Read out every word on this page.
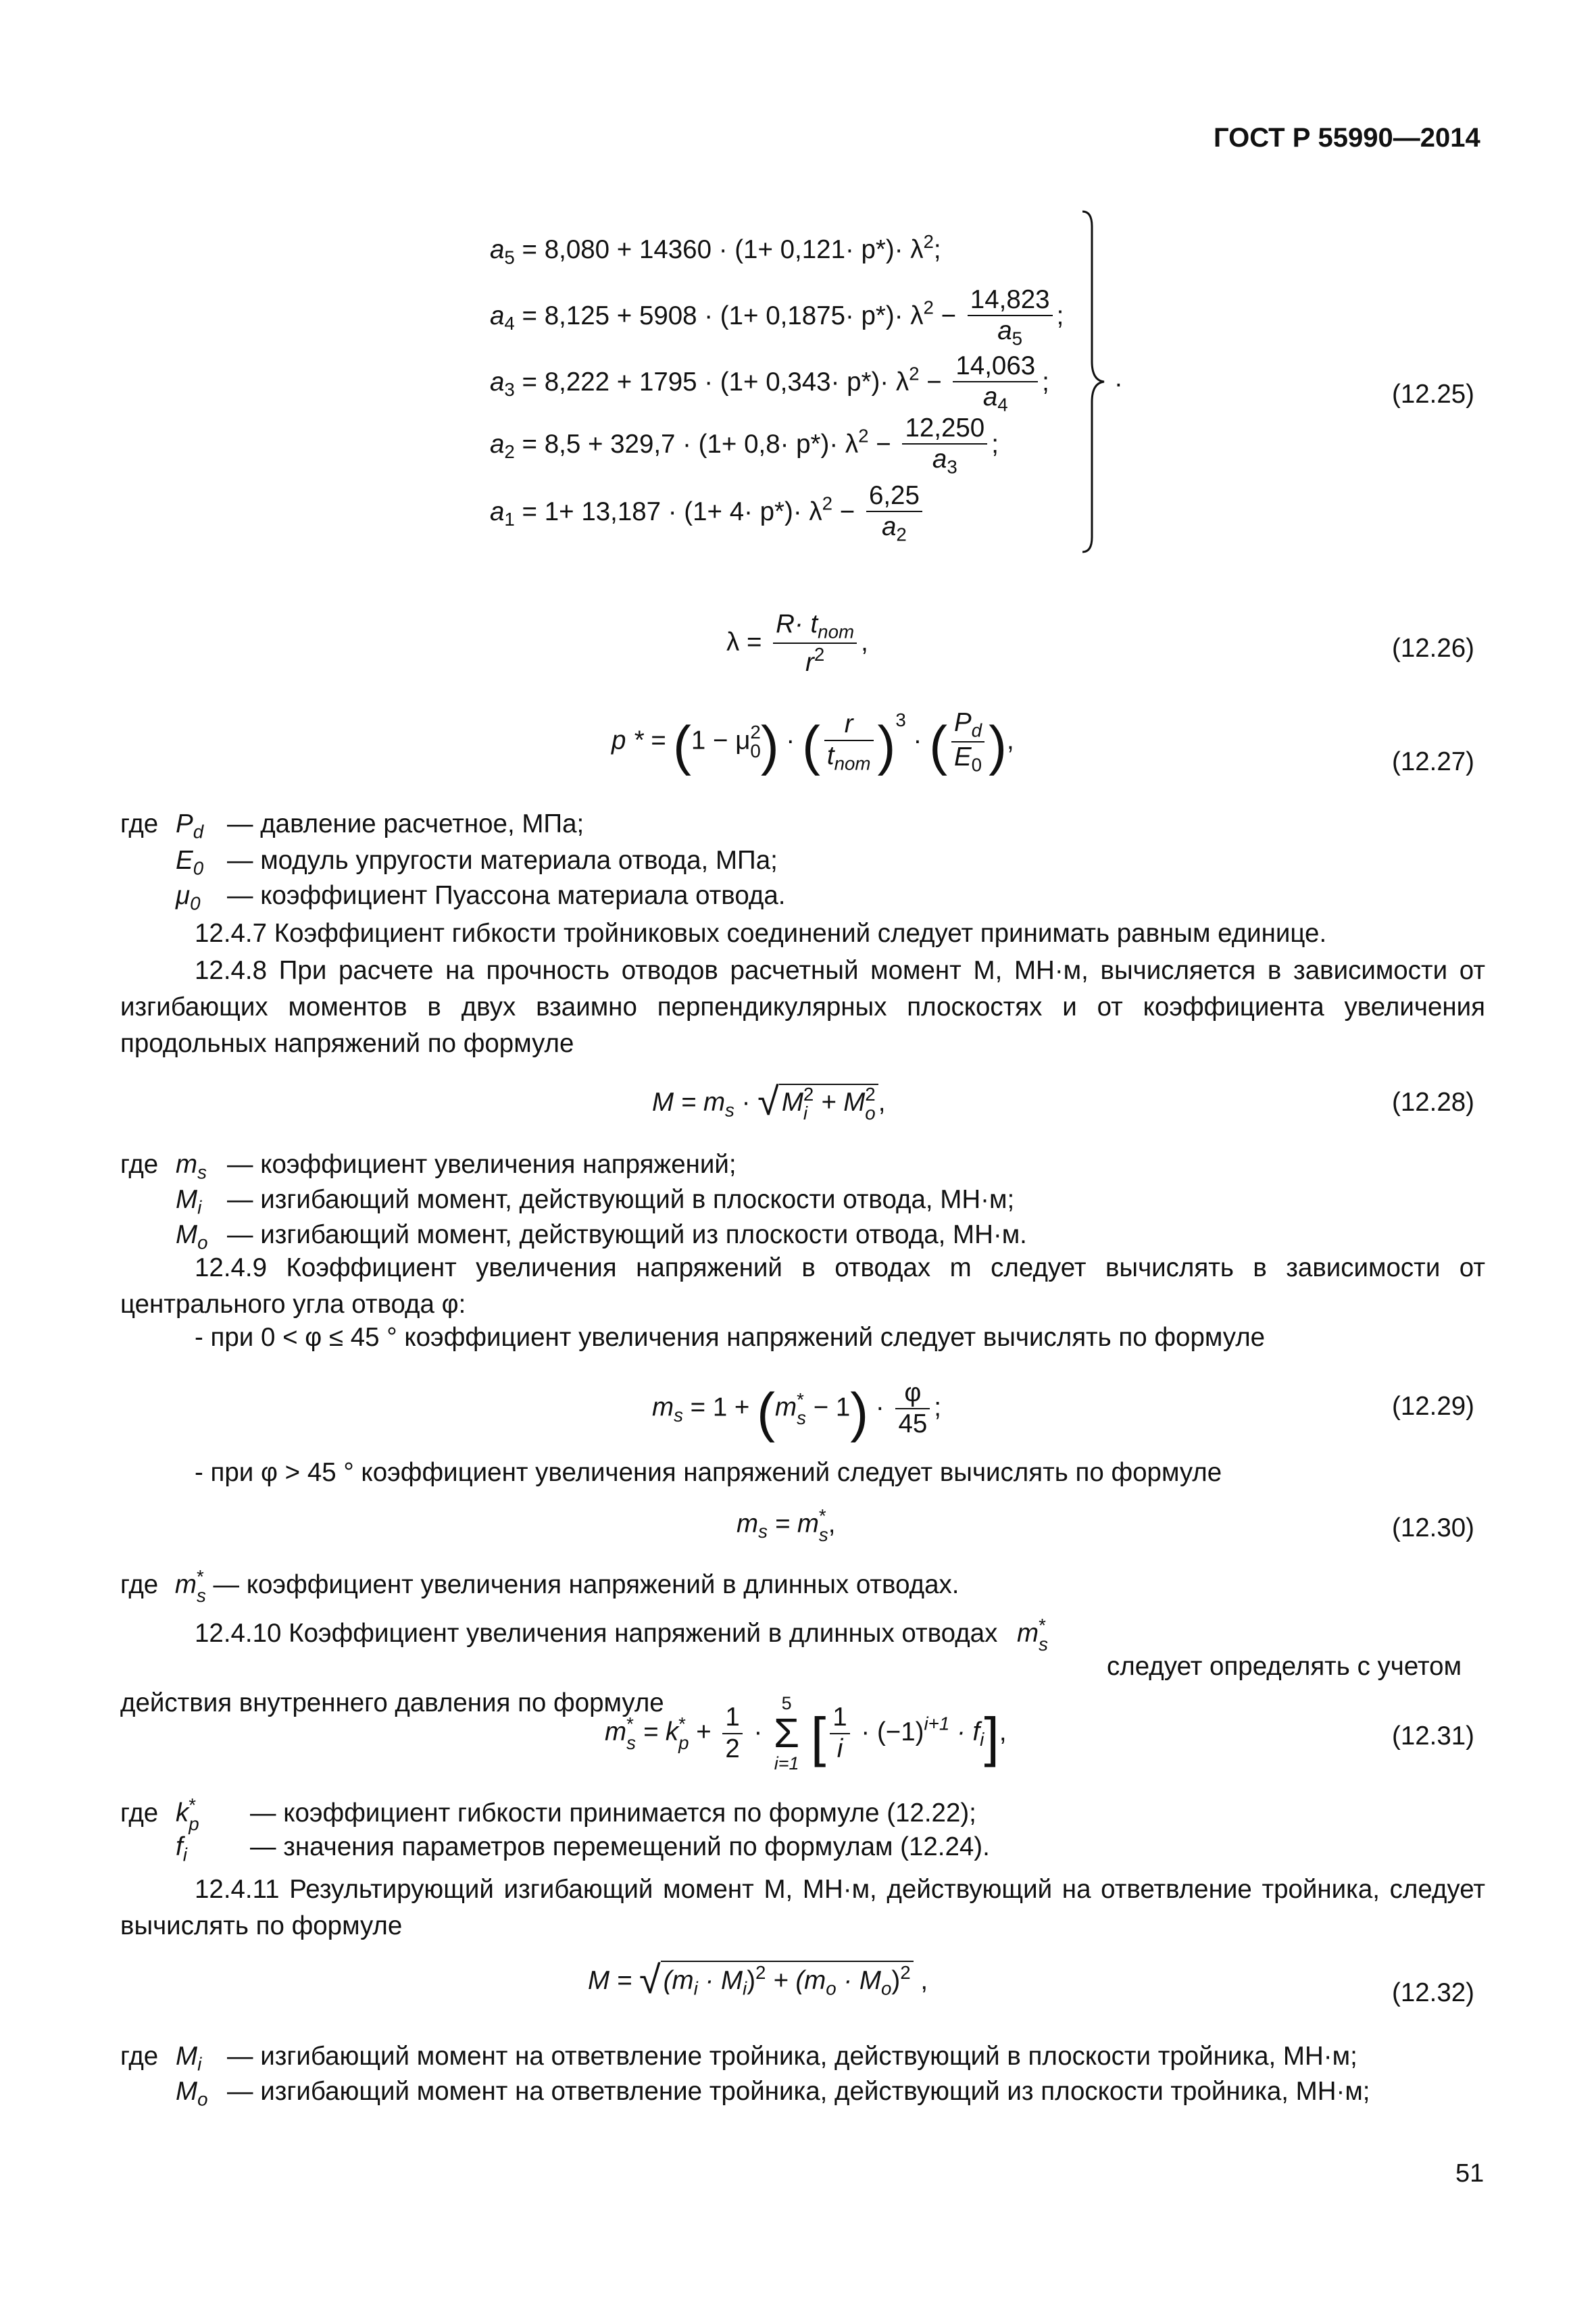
ГОСТ Р 55990—2014
$a_5 = 8,080 + 14360 \cdot (1+ 0,121\cdot p*)\cdot \lambda^2$;
$a_4 = 8,125 + 5908 \cdot (1+ 0,1875\cdot p*)\cdot \lambda^2 - \frac{14,823}{a_5}$ ;
$a_3 = 8,222 + 1795 \cdot (1+ 0,343\cdot p*)\cdot \lambda^2 - \frac{14,063}{a_4}$ ;
$a_2 = 8,5 + 329,7 \cdot (1+ 0,8\cdot p*)\cdot \lambda^2 - \frac{12,250}{a_3}$ ;
$a_1 = 1+ 13,187 \cdot (1+ 4\cdot p*)\cdot \lambda^2 - \frac{6,25}{a_2}$
(12.25)
.
$\lambda = \frac{R\cdot t_{nom}}{r^2}$ ,	(12.26)
p * = (1 − μ 2
0 ) · ( $\frac{r}{t_{nom}} )^3$ · ( $\frac{P_d}{E_0}$ ),
(12.27)
где $P_d$ — давление расчетное, МПа;
$E_0$ — модуль упругости материала отвода, МПа;
$\mu_0$ — коэффициент Пуассона материала отвода.
12.4.7 Коэффициент гибкости тройниковых соединений следует принимать равным единице.
12.4.8 При расчете на прочность отводов расчетный момент M, МН·м, вычисляется в зависимости от изгибающих моментов в двух взаимно перпендикулярных плоскостях и от коэффициента увеличения продольных напряжений по формуле
$M = m_s$ · √ M 2
i + M 2
o ,	(12.28)
где $m_s$ — коэффициент увеличения напряжений;
$M_i$ — изгибающий момент, действующий в плоскости отвода, МН·м;
$M_o$ — изгибающий момент, действующий из плоскости отвода, МН·м.
12.4.9 Коэффициент увеличения напряжений в отводах m следует вычислять в зависимости от центрального угла отвода φ:
- при 0 < φ ≤ 45 ° коэффициент увеличения напряжений следует вычислять по формуле
$m_s = 1 + (m$ *
$s - 1) \cdot \frac{\varphi}{45}$ ;	(12.29)
- при φ > 45 ° коэффициент увеличения напряжений следует вычислять по формуле
$m_s = m$ *
s ,	(12.30)
где m *
s — коэффициент увеличения напряжений в длинных отводах.
12.4.10 Коэффициент увеличения напряжений в длинных отводах m *
s
следует определять с учетом действия внутреннего давления по формуле
m *
s = k *
$p + \frac{1}{2}$ ·
5
Σ
i=1 [ $\frac{1}{i} \cdot (-1)^{i+1} \cdot f_i$],	(12.31)
где k *
p — коэффициент гибкости принимается по формуле (12.22);
$f_i$ — значения параметров перемещений по формулам (12.24).
12.4.11 Результирующий изгибающий момент M, МН·м, действующий на ответвление тройника, следует вычислять по формуле
M = √ $(m_i \cdot M_i)^2 + (m_o \cdot M_o)^2$ ,	(12.32)
где $M_i$ — изгибающий момент на ответвление тройника, действующий в плоскости тройника, МН·м;
$M_o$ — изгибающий момент на ответвление тройника, действующий из плоскости тройника, МН·м;
51
